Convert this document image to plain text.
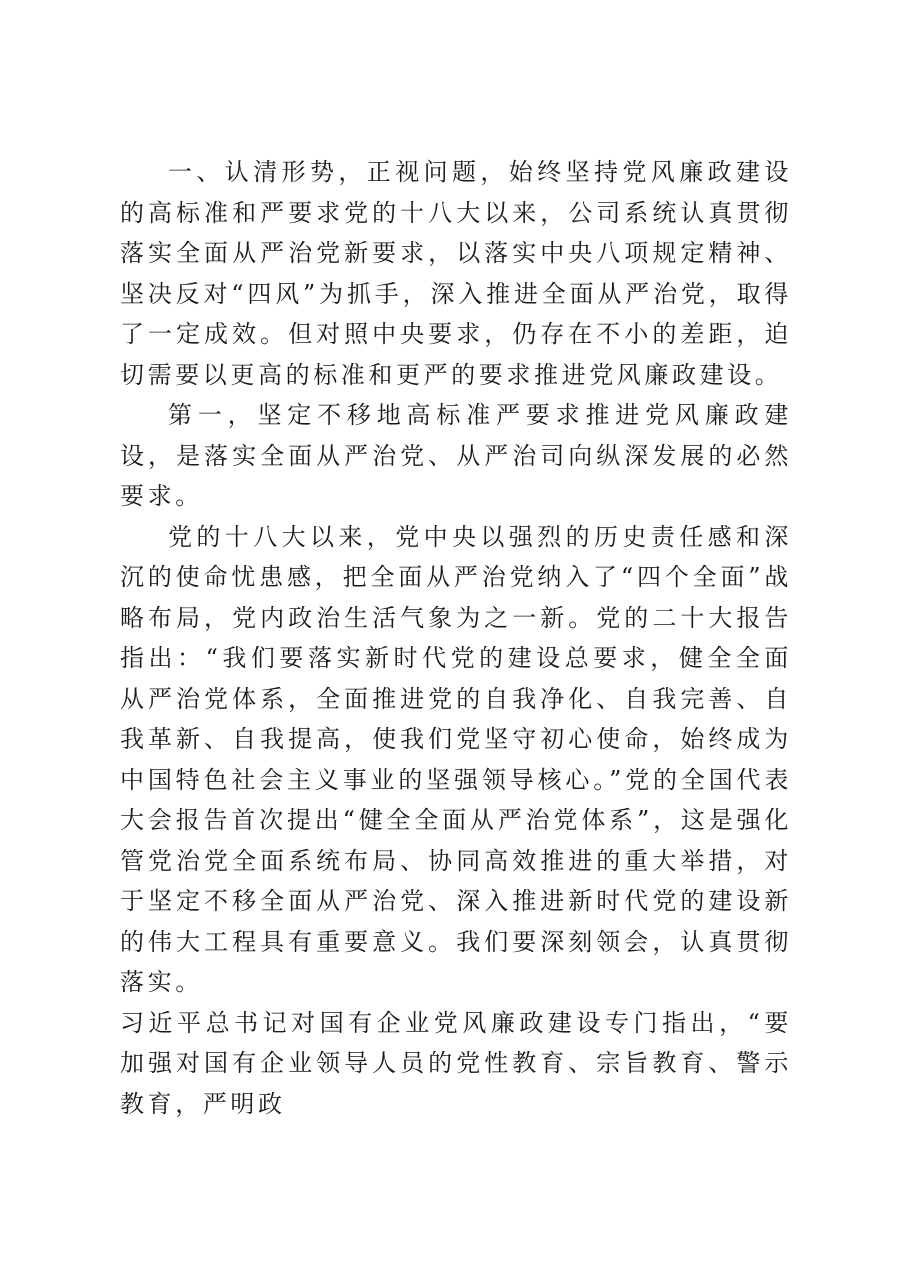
一、认清形势，正视问题，始终坚持党风廉政建设的高标准和严要求党的十八大以来，公司系统认真贯彻落实全面从严治党新要求，以落实中央八项规定精神、坚决反对“四风”为抓手，深入推进全面从严治党，取得了一定成效。但对照中央要求，仍存在不小的差距，迫切需要以更高的标准和更严的要求推进党风廉政建设。

第一，坚定不移地高标准严要求推进党风廉政建设，是落实全面从严治党、从严治司向纵深发展的必然要求。

党的十八大以来，党中央以强烈的历史责任感和深沉的使命忧患感，把全面从严治党纳入了“四个全面”战略布局，党内政治生活气象为之一新。党的二十大报告指出：“我们要落实新时代党的建设总要求，健全全面从严治党体系，全面推进党的自我净化、自我完善、自我革新、自我提高，使我们党坚守初心使命，始终成为中国特色社会主义事业的坚强领导核心。”党的全国代表大会报告首次提出“健全全面从严治党体系”，这是强化管党治党全面系统布局、协同高效推进的重大举措，对于坚定不移全面从严治党、深入推进新时代党的建设新的伟大工程具有重要意义。我们要深刻领会，认真贯彻落实。

习近平总书记对国有企业党风廉政建设专门指出，“要加强对国有企业领导人员的党性教育、宗旨教育、警示教育，严明政
